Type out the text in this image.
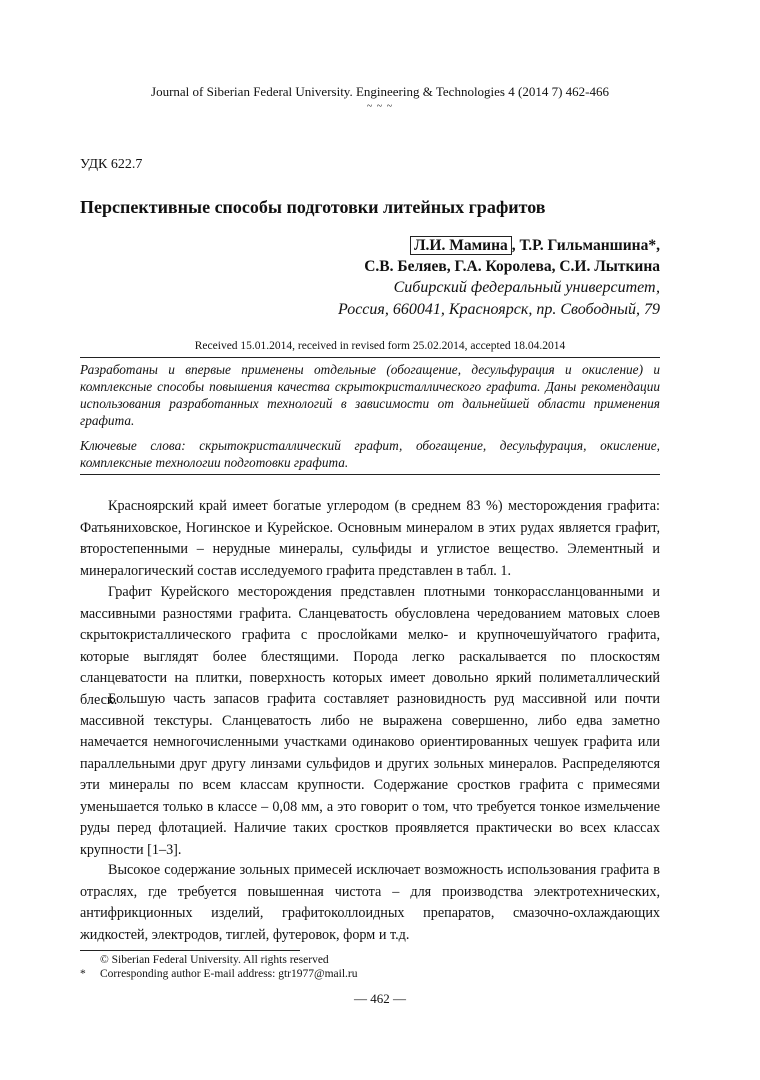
Journal of Siberian Federal University. Engineering & Technologies 4 (2014 7) 462-466
~ ~ ~
УДК 622.7
Перспективные способы подготовки литейных графитов
Л.И. Мамина , Т.Р. Гильманшина*,
С.В. Беляев, Г.А. Королева, С.И. Лыткина
Сибирский федеральный университет,
Россия, 660041, Красноярск, пр. Свободный, 79
Received 15.01.2014, received in revised form 25.02.2014, accepted 18.04.2014
Разработаны и впервые применены отдельные (обогащение, десульфурация и окисление) и комплексные способы повышения качества скрытокристаллического графита. Даны рекомендации использования разработанных технологий в зависимости от дальнейшей области применения графита.
Ключевые слова: скрытокристаллический графит, обогащение, десульфурация, окисление, комплексные технологии подготовки графита.
Красноярский край имеет богатые углеродом (в среднем 83 %) месторождения графита: Фатьяниховское, Ногинское и Курейское. Основным минералом в этих рудах является графит, второстепенными – нерудные минералы, сульфиды и углистое вещество. Элементный и минералогический состав исследуемого графита представлен в табл. 1.
Графит Курейского месторождения представлен плотными тонкорассланцованными и массивными разностями графита. Сланцеватость обусловлена чередованием матовых слоев скрытокристаллического графита с прослойками мелко- и крупночешуйчатого графита, которые выглядят более блестящими. Порода легко раскалывается по плоскостям сланцеватости на плитки, поверхность которых имеет довольно яркий полиметаллический блеск.
Большую часть запасов графита составляет разновидность руд массивной или почти массивной текстуры. Сланцеватость либо не выражена совершенно, либо едва заметно намечается немногочисленными участками одинаково ориентированных чешуек графита или параллельными друг другу линзами сульфидов и других зольных минералов. Распределяются эти минералы по всем классам крупности. Содержание сростков графита с примесями уменьшается только в классе – 0,08 мм, а это говорит о том, что требуется тонкое измельчение руды перед флотацией. Наличие таких сростков проявляется практически во всех классах крупности [1–3].
Высокое содержание зольных примесей исключает возможность использования графита в отраслях, где требуется повышенная чистота – для производства электротехнических, антифрикционных изделий, графитоколлоидных препаратов, смазочно-охлаждающих жидкостей, электродов, тиглей, футеровок, форм и т.д.
© Siberian Federal University. All rights reserved
* Corresponding author E-mail address: gtr1977@mail.ru
— 462 —
